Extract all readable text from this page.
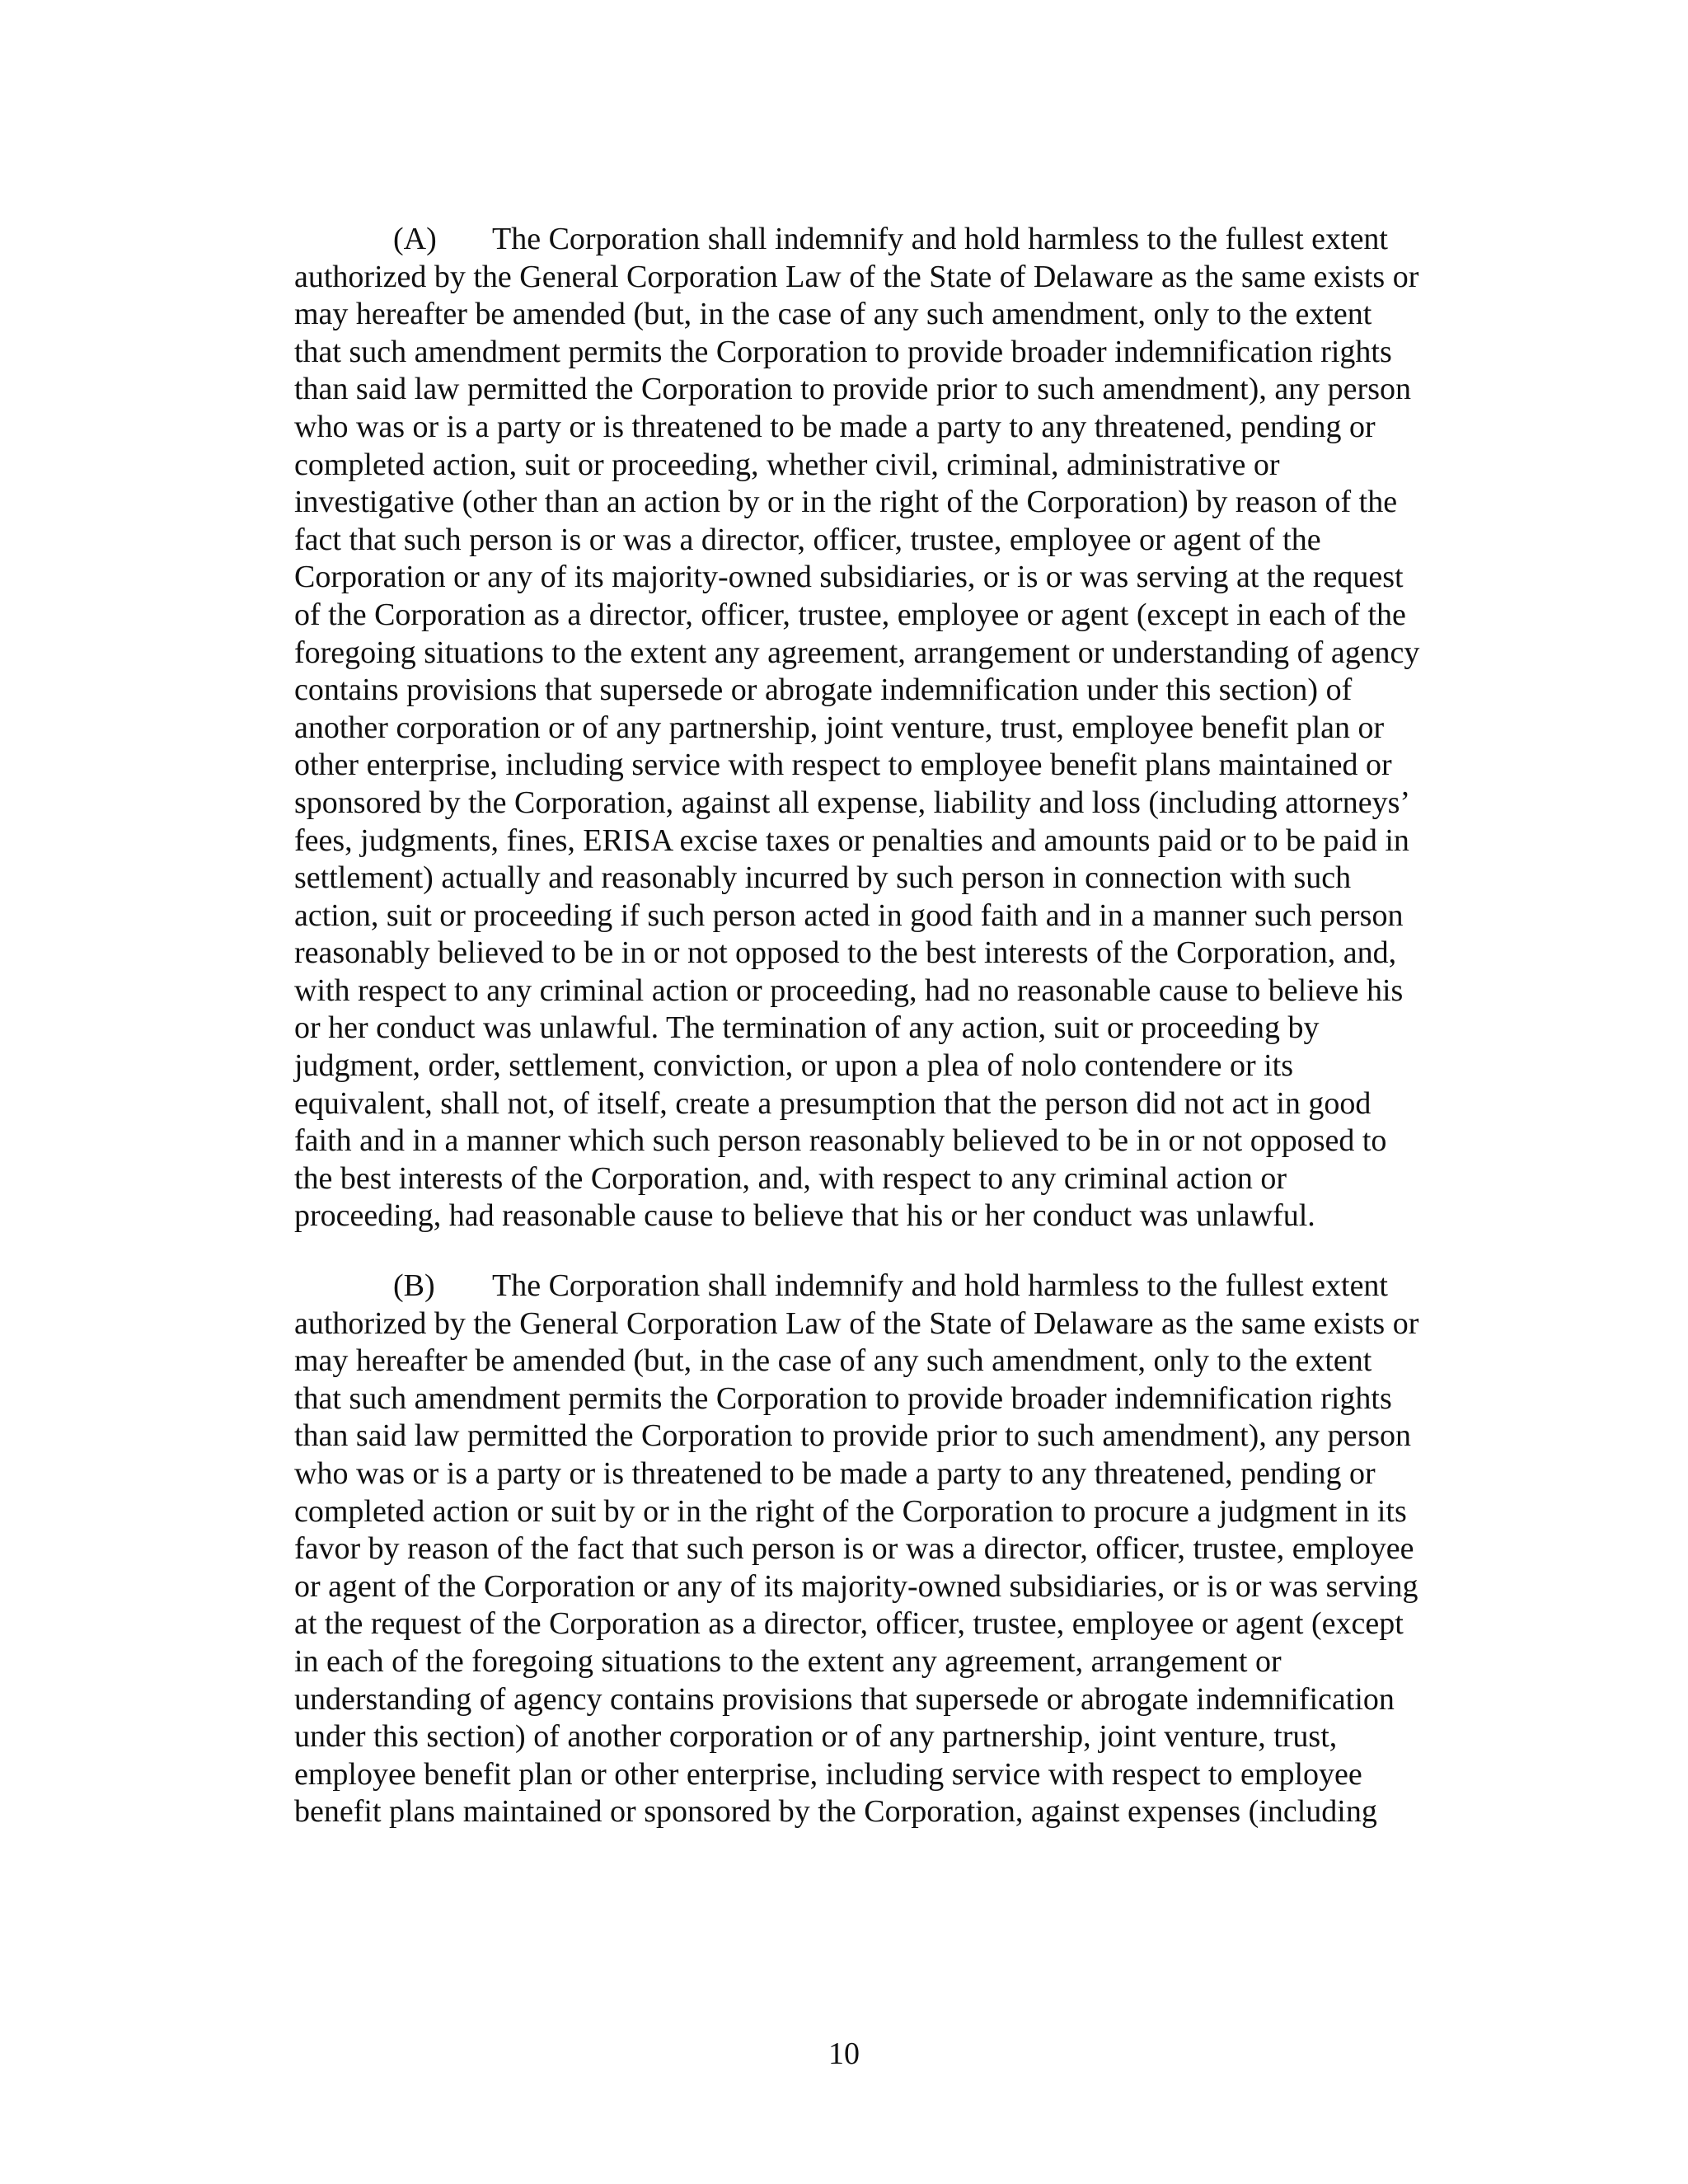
(A) The Corporation shall indemnify and hold harmless to the fullest extent
authorized by the General Corporation Law of the State of Delaware as the same exists or
may hereafter be amended (but, in the case of any such amendment, only to the extent
that such amendment permits the Corporation to provide broader indemnification rights
than said law permitted the Corporation to provide prior to such amendment), any person
who was or is a party or is threatened to be made a party to any threatened, pending or
completed action, suit or proceeding, whether civil, criminal, administrative or
investigative (other than an action by or in the right of the Corporation) by reason of the
fact that such person is or was a director, officer, trustee, employee or agent of the
Corporation or any of its majority-owned subsidiaries, or is or was serving at the request
of the Corporation as a director, officer, trustee, employee or agent (except in each of the
foregoing situations to the extent any agreement, arrangement or understanding of agency
contains provisions that supersede or abrogate indemnification under this section) of
another corporation or of any partnership, joint venture, trust, employee benefit plan or
other enterprise, including service with respect to employee benefit plans maintained or
sponsored by the Corporation, against all expense, liability and loss (including attorneys’
fees, judgments, fines, ERISA excise taxes or penalties and amounts paid or to be paid in
settlement) actually and reasonably incurred by such person in connection with such
action, suit or proceeding if such person acted in good faith and in a manner such person
reasonably believed to be in or not opposed to the best interests of the Corporation, and,
with respect to any criminal action or proceeding, had no reasonable cause to believe his
or her conduct was unlawful. The termination of any action, suit or proceeding by
judgment, order, settlement, conviction, or upon a plea of nolo contendere or its
equivalent, shall not, of itself, create a presumption that the person did not act in good
faith and in a manner which such person reasonably believed to be in or not opposed to
the best interests of the Corporation, and, with respect to any criminal action or
proceeding, had reasonable cause to believe that his or her conduct was unlawful.

(B) The Corporation shall indemnify and hold harmless to the fullest extent
authorized by the General Corporation Law of the State of Delaware as the same exists or
may hereafter be amended (but, in the case of any such amendment, only to the extent
that such amendment permits the Corporation to provide broader indemnification rights
than said law permitted the Corporation to provide prior to such amendment), any person
who was or is a party or is threatened to be made a party to any threatened, pending or
completed action or suit by or in the right of the Corporation to procure a judgment in its
favor by reason of the fact that such person is or was a director, officer, trustee, employee
or agent of the Corporation or any of its majority-owned subsidiaries, or is or was serving
at the request of the Corporation as a director, officer, trustee, employee or agent (except
in each of the foregoing situations to the extent any agreement, arrangement or
understanding of agency contains provisions that supersede or abrogate indemnification
under this section) of another corporation or of any partnership, joint venture, trust,
employee benefit plan or other enterprise, including service with respect to employee
benefit plans maintained or sponsored by the Corporation, against expenses (including

10
